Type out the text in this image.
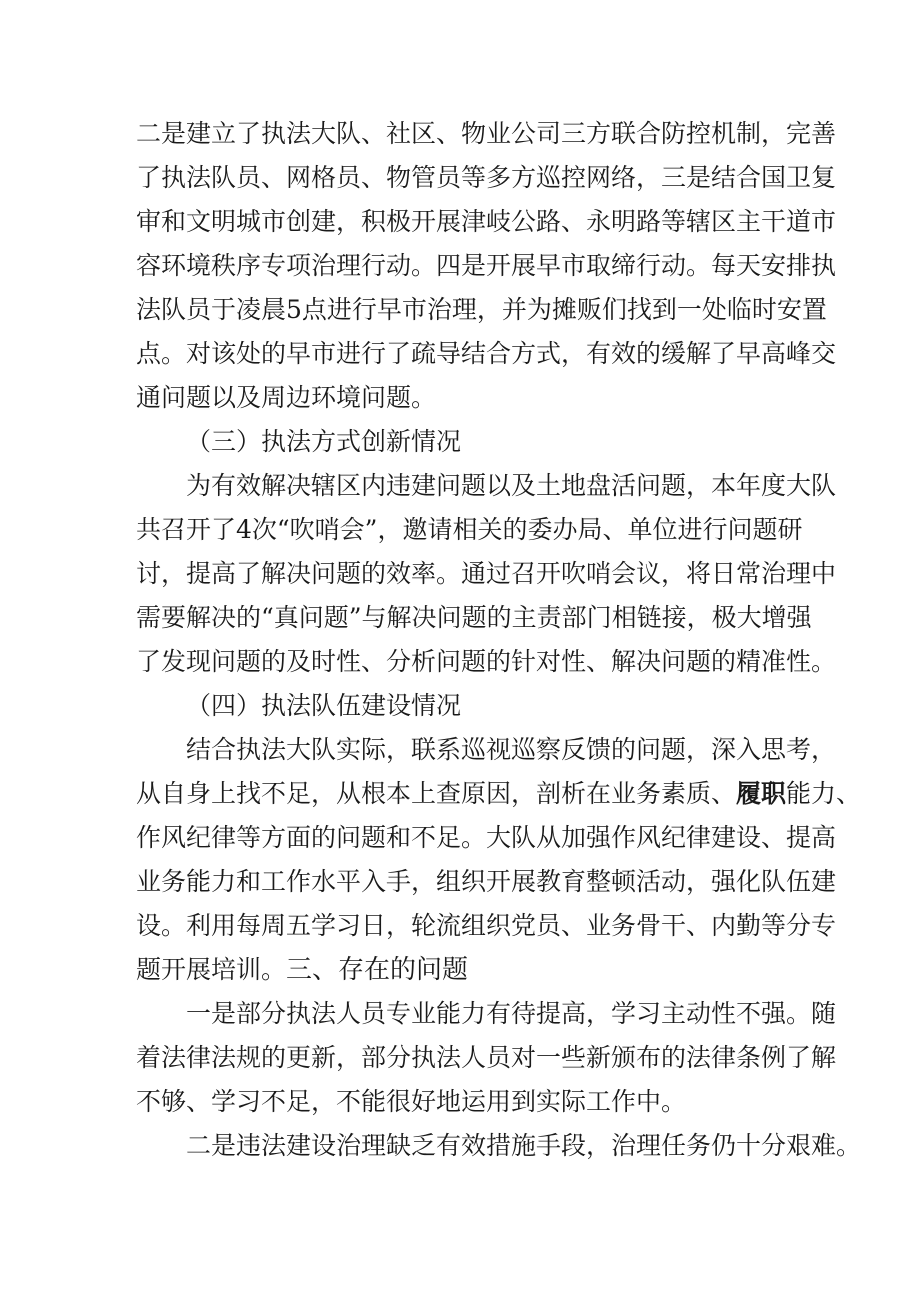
二是建立了执法大队、社区、物业公司三方联合防控机制，完善
了执法队员、网格员、物管员等多方巡控网络，三是结合国卫复
审和文明城市创建，积极开展津岐公路、永明路等辖区主干道市
容环境秩序专项治理行动。四是开展早市取缔行动。每天安排执
法队员于凌晨5点进行早市治理，并为摊贩们找到一处临时安置
点。对该处的早市进行了疏导结合方式，有效的缓解了早高峰交
通问题以及周边环境问题。
（三）执法方式创新情况
为有效解决辖区内违建问题以及土地盘活问题，本年度大队
共召开了4次“吹哨会”，邀请相关的委办局、单位进行问题研
讨，提高了解决问题的效率。通过召开吹哨会议，将日常治理中
需要解决的“真问题”与解决问题的主责部门相链接，极大增强
了发现问题的及时性、分析问题的针对性、解决问题的精准性。
（四）执法队伍建设情况
结合执法大队实际，联系巡视巡察反馈的问题，深入思考，
从自身上找不足，从根本上查原因，剖析在业务素质、履职能力、
作风纪律等方面的问题和不足。大队从加强作风纪律建设、提高
业务能力和工作水平入手，组织开展教育整顿活动，强化队伍建
设。利用每周五学习日，轮流组织党员、业务骨干、内勤等分专
题开展培训。三、存在的问题
一是部分执法人员专业能力有待提高，学习主动性不强。随
着法律法规的更新，部分执法人员对一些新颁布的法律条例了解
不够、学习不足，不能很好地运用到实际工作中。
二是违法建设治理缺乏有效措施手段，治理任务仍十分艰难。
